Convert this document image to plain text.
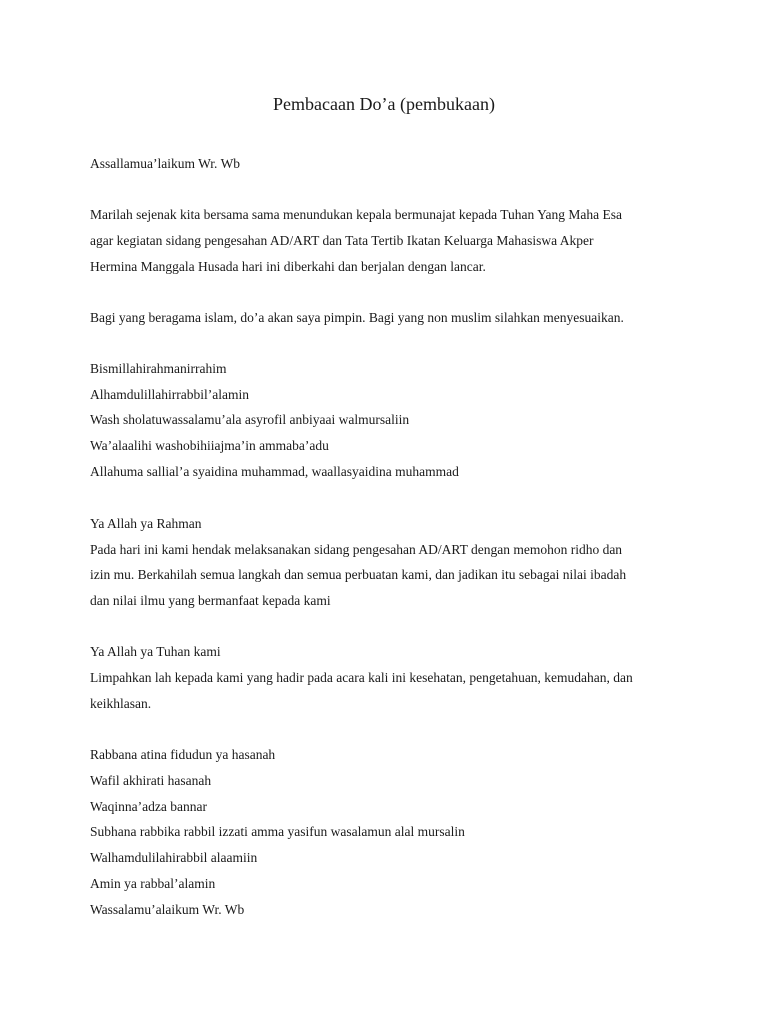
Pembacaan Do’a (pembukaan)
Assallamua’laikum Wr. Wb
Marilah sejenak kita bersama sama menundukan kepala bermunajat kepada Tuhan Yang Maha Esa
agar kegiatan sidang pengesahan AD/ART dan Tata Tertib Ikatan Keluarga Mahasiswa Akper
Hermina Manggala Husada hari ini diberkahi dan berjalan dengan lancar.
Bagi yang beragama islam, do’a akan saya pimpin. Bagi yang non muslim silahkan menyesuaikan.
Bismillahirahmanirrahim
Alhamdulillahirrabbil’alamin
Wash sholatuwassalamu’ala asyrofil anbiyaai walmursaliin
Wa’alaalihi washobihiiajma’in ammaba’adu
Allahuma sallial’a syaidina muhammad, waallasyaidina muhammad
Ya Allah ya Rahman
Pada hari ini kami hendak melaksanakan sidang pengesahan AD/ART dengan memohon ridho dan
izin mu. Berkahilah semua langkah dan semua perbuatan kami, dan jadikan itu sebagai nilai ibadah
dan nilai ilmu yang bermanfaat kepada kami
Ya Allah ya Tuhan kami
Limpahkan lah kepada kami yang hadir pada acara kali ini kesehatan, pengetahuan, kemudahan, dan
keikhlasan.
Rabbana atina fidudun ya hasanah
Wafil akhirati hasanah
Waqinna’adza bannar
Subhana rabbika rabbil izzati amma yasifun wasalamun alal mursalin
Walhamdulilahirabbil alaamiin
Amin ya rabbal’alamin
Wassalamu’alaikum Wr. Wb
